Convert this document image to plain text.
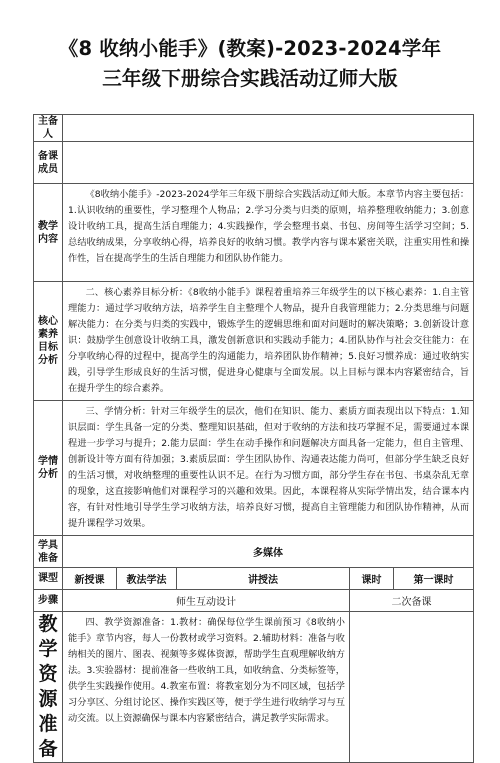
《8 收纳小能手》(教案)-2023-2024学年
三年级下册综合实践活动辽师大版
主备人					
备课成员					
教学内容	《8收纳小能手》-2023-2024学年三年级下册综合实践活动辽师大版。本章节内容主要包括：1.认识收纳的重要性，学习整理个人物品；2.学习分类与归类的原则，培养整理收纳能力；3.创意设计收纳工具，提高生活自理能力；4.实践操作，学会整理书桌、书包、房间等生活学习空间；5.总结收纳成果，分享收纳心得，培养良好的收纳习惯。教学内容与课本紧密关联，注重实用性和操作性，旨在提高学生的生活自理能力和团队协作能力。				

核心素养目标分析	二、核心素养目标分析：《8收纳小能手》课程着重培养三年级学生的以下核心素养：1.自主管理能力：通过学习收纳方法，培养学生自主整理个人物品，提升自我管理能力；2.分类思维与问题解决能力：在分类与归类的实践中，锻炼学生的逻辑思维和面对问题时的解决策略；3.创新设计意识：鼓励学生创意设计收纳工具，激发创新意识和实践动手能力；4.团队协作与社会交往能力：在分享收纳心得的过程中，提高学生的沟通能力，培养团队协作精神；5.良好习惯养成：通过收纳实践，引导学生形成良好的生活习惯，促进身心健康与全面发展。以上目标与课本内容紧密结合，旨在提升学生的综合素养。				

学情分析	三、学情分析：针对三年级学生的层次，他们在知识、能力、素质方面表现出以下特点：1.知识层面：学生具备一定的分类、整理知识基础，但对于收纳的方法和技巧掌握不足，需要通过本课程进一步学习与提升；2.能力层面：学生在动手操作和问题解决方面具备一定能力，但自主管理、创新设计等方面有待加强；3.素质层面：学生团队协作、沟通表达能力尚可，但部分学生缺乏良好的生活习惯，对收纳整理的重要性认识不足。在行为习惯方面，部分学生存在书包、书桌杂乱无章的现象，这直接影响他们对课程学习的兴趣和效果。因此，本课程将从实际学情出发，结合课本内容，有针对性地引导学生学习收纳方法，培养良好习惯，提高自主管理能力和团队协作精神，从而提升课程学习效果。				

学具准备	多媒体				
课型	新授课	教法学法	讲授法	课时	第一课时
步骤	师生互动设计			二次备课	
教学资源准备	四、教学资源准备：1.教材：确保每位学生课前预习《8收纳小能手》章节内容，每人一份教材或学习资料。2.辅助材料：准备与收纳相关的图片、图表、视频等多媒体资源，帮助学生直观理解收纳方法。3.实验器材：提前准备一些收纳工具，如收纳盒、分类标签等，供学生实践操作使用。4.教室布置：将教室划分为不同区域，包括学习分享区、分组讨论区、操作实践区等，便于学生进行收纳学习与互动交流。以上资源确保与课本内容紧密结合，满足教学实际需求。				
